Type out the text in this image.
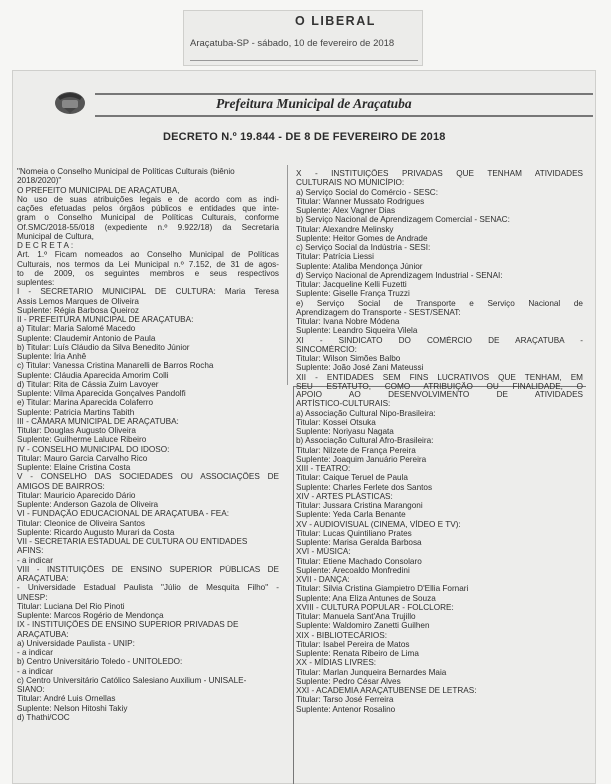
O LIBERAL
Araçatuba-SP - sábado, 10 de fevereiro de 2018
Prefeitura Municipal de Araçatuba
DECRETO N.º 19.844 - DE 8 DE FEVEREIRO DE 2018
"Nomeia o Conselho Municipal de Políticas Culturais (biênio
2018/2020)"
O PREFEITO MUNICIPAL DE ARAÇATUBA,
No uso de suas atribuições legais e de acordo com as indi-
cações efetuadas pelos órgãos públicos e entidades que inte-
gram o Conselho Municipal de Políticas Culturais, conforme
Of.SMC/2018-55/018 (expediente n.º 9.922/18) da Secretaria
Municipal de Cultura,
D E C R E T A :
Art. 1.º Ficam nomeados ao Conselho Municipal de Políticas
Culturais, nos termos da Lei Municipal n.º 7.152, de 31 de agos-
to de 2009, os seguintes membros e seus respectivos
suplentes:
I - SECRETARIO MUNICIPAL DE CULTURA: Maria Teresa
Assis Lemos Marques de Oliveira
Suplente: Régia Barbosa Queiroz
II - PREFEITURA MUNICIPAL DE ARAÇATUBA:
a) Titular: Maria Salomé Macedo
Suplente: Claudemir Antonio de Paula
b) Titular: Luís Cláudio da Silva Benedito Júnior
Suplente: Íria Anhê
c) Titular: Vanessa Cristina Manarelli de Barros Rocha
Suplente: Cláudia Aparecida Amorim Colli
d) Titular: Rita de Cássia Zuim Lavoyer
Suplente: Vilma Aparecida Gonçalves Pandolfi
e) Titular: Marina Aparecida Colaferro
Suplente: Patricia Martins Tabith
III - CÂMARA MUNICIPAL DE ARAÇATUBA:
Titular: Douglas Augusto Oliveira
Suplente: Guilherme Laluce Ribeiro
IV - CONSELHO MUNICIPAL DO IDOSO:
Titular: Mauro Garcia Carvalho Rico
Suplente: Elaine Cristina Costa
V - CONSELHO DAS SOCIEDADES OU ASSOCIAÇÕES DE
AMIGOS DE BAIRROS:
Titular: Mauricio Aparecido Dário
Suplente: Anderson Gazola de Oliveira
VI - FUNDAÇÃO EDUCACIONAL DE ARAÇATUBA - FEA:
Titular: Cleonice de Oliveira Santos
Suplente: Ricardo Augusto Murari da Costa
VII - SECRETARIA ESTADUAL DE CULTURA OU ENTIDADES
AFINS:
- a indicar
VIII - INSTITUIÇÕES DE ENSINO SUPERIOR PÚBLICAS DE
ARAÇATUBA:
- Universidade Estadual Paulista "Júlio de Mesquita Filho" -
UNESP:
Titular: Luciana Del Rio Pinoti
Suplente: Marcos Rogério de Mendonça
IX - INSTITUIÇÕES DE ENSINO SUPERIOR PRIVADAS DE
ARAÇATUBA:
a) Universidade Paulista - UNIP:
- a indicar
b) Centro Universitário Toledo - UNITOLEDO:
- a indicar
c) Centro Universitário Católico Salesiano Auxilium - UNISALE-
SIANO:
Titular: André Luis Ornellas
Suplente: Nelson Hitoshi Takiy
d) Thathi/COC
X - INSTITUIÇÕES PRIVADAS QUE TENHAM ATIVIDADES
CULTURAIS NO MUNICÍPIO:
a) Serviço Social do Comércio - SESC:
Titular: Wanner Mussato Rodrigues
Suplente: Alex Vagner Dias
b) Serviço Nacional de Aprendizagem Comercial - SENAC:
Titular: Alexandre Melinsky
Suplente: Heitor Gomes de Andrade
c) Serviço Social da Indústria - SESI:
Titular: Patrícia Liessi
Suplente: Ataliba Mendonça Júnior
d) Serviço Nacional de Aprendizagem Industrial - SENAI:
Titular: Jacqueline Kelli Fuzetti
Suplente: Giselle França Truzzi
e) Serviço Social de Transporte e Serviço Nacional de
Aprendizagem do Transporte - SEST/SENAT:
Titular: Ivana Nobre Módena
Suplente: Leandro Siqueira Vilela
XI - SINDICATO DO COMÉRCIO DE ARAÇATUBA -
SINCOMÉRCIO:
Titular: Wilson Simões Balbo
Suplente: João José Zani Mateussi
XII - ENTIDADES SEM FINS LUCRATIVOS QUE TENHAM, EM
SEU ESTATUTO, COMO ATRIBUIÇÃO OU FINALIDADE, O
APOIO AO DESENVOLVIMENTO DE ATIVIDADES
ARTÍSTICO-CULTURAIS:
a) Associação Cultural Nipo-Brasileira:
Titular: Kossei Otsuka
Suplente: Noriyasu Nagata
b) Associação Cultural Afro-Brasileira:
Titular: Nilzete de França Pereira
Suplente: Joaquim Januário Pereira
XIII - TEATRO:
Titular: Caique Teruel de Paula
Suplente: Charles Ferlete dos Santos
XIV - ARTES PLÁSTICAS:
Titular: Jussara Cristina Marangoni
Suplente: Yeda Carla Benante
XV - AUDIOVISUAL (CINEMA, VÍDEO E TV):
Titular: Lucas Quintiliano Prates
Suplente: Marisa Geralda Barbosa
XVI - MÚSICA:
Titular: Etiene Machado Consolaro
Suplente: Arecoaldo Monfredini
XVII - DANÇA:
Titular: Silvia Cristina Giampietro D'Ellia Fornari
Suplente: Ana Eliza Antunes de Souza
XVIII - CULTURA POPULAR - FOLCLORE:
Titular: Manuela Sant'Ana Trujillo
Suplente: Waldomiro Zanetti Guilhen
XIX - BIBLIOTECÁRIOS:
Titular: Isabel Pereira de Matos
Suplente: Renata Ribeiro de Lima
XX - MÍDIAS LIVRES:
Titular: Marlan Junqueira Bernardes Maia
Suplente: Pedro César Alves
XXI - ACADEMIA ARAÇATUBENSE DE LETRAS:
Titular: Tarso José Ferreira
Suplente: Antenor Rosalino
